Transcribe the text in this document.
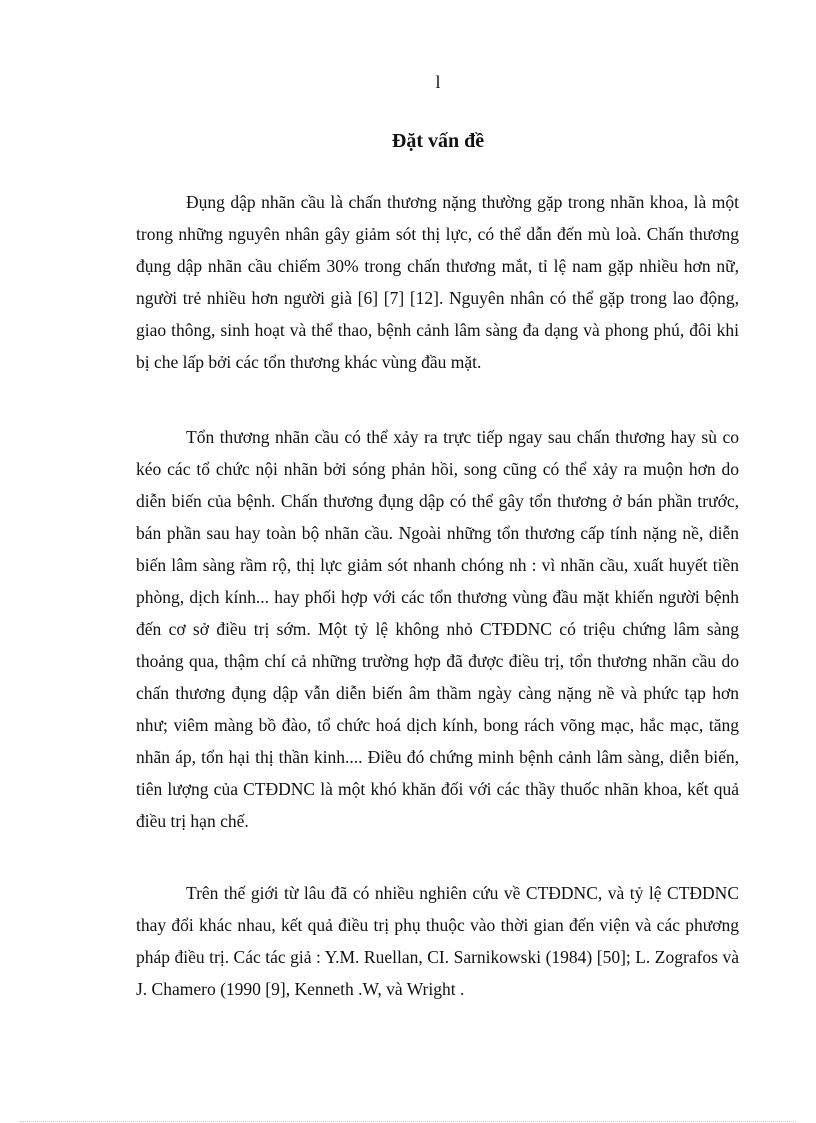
l
Đặt vấn đề

Đụng dập nhãn cầu là chấn thương nặng thường gặp trong nhãn khoa, là một trong những nguyên nhân gây giảm sót thị lực, có thể dẫn đến mù loà. Chấn thương đụng dập nhãn cầu chiếm 30% trong chấn thương mắt, tỉ lệ nam gặp nhiều hơn nữ, người trẻ nhiều hơn người già [6] [7] [12]. Nguyên nhân có thể gặp trong lao động, giao thông, sinh hoạt và thể thao, bệnh cảnh lâm sàng đa dạng và phong phú, đôi khi bị che lấp bởi các tổn thương khác vùng đầu mặt.

Tổn thương nhãn cầu có thể xảy ra trực tiếp ngay sau chấn thương hay sù co kéo các tổ chức nội nhãn bởi sóng phản hồi, song cũng có thể xảy ra muộn hơn do diễn biến của bệnh. Chấn thương đụng dập có thể gây tổn thương ở bán phần trước, bán phần sau hay toàn bộ nhãn cầu. Ngoài những tổn thương cấp tính nặng nề, diễn biến lâm sàng rầm rộ, thị lực giảm sót nhanh chóng nh : vì nhãn cầu, xuất huyết tiền phòng, dịch kính... hay phối hợp với các tổn thương vùng đầu mặt khiến người bệnh đến cơ sở điều trị sớm. Một tỷ lệ không nhỏ CTĐDNC có triệu chứng lâm sàng thoảng qua, thậm chí cả những trường hợp đã được điều trị, tổn thương nhãn cầu do chấn thương đụng dập vẫn diễn biến âm thầm ngày càng nặng nề và phức tạp hơn như; viêm màng bồ đào, tổ chức hoá dịch kính, bong rách võng mạc, hắc mạc, tăng nhãn áp, tổn hại thị thần kinh.... Điều đó chứng minh bệnh cảnh lâm sàng, diễn biến, tiên lượng của CTĐDNC là một khó khăn đối với các thầy thuốc nhãn khoa, kết quả điều trị hạn chế.

Trên thế giới từ lâu đã có nhiều nghiên cứu về CTĐDNC, và tỷ lệ CTĐDNC thay đổi khác nhau, kết quả điều trị phụ thuộc vào thời gian đến viện và các phương pháp điều trị. Các tác giả : Y.M. Ruellan, CI. Sarnikowski (1984) [50]; L. Zografos và J. Chamero (1990 [9], Kenneth .W, và Wright .
